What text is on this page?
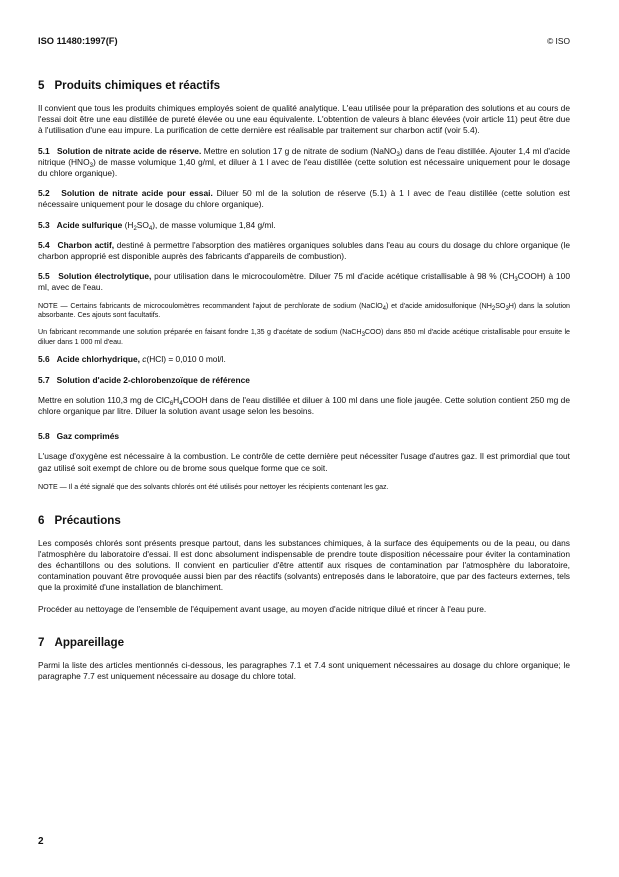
ISO 11480:1997(F)	© ISO
5 Produits chimiques et réactifs

Il convient que tous les produits chimiques employés soient de qualité analytique. L'eau utilisée pour la préparation des solutions et au cours de l'essai doit être une eau distillée de pureté élevée ou une eau équivalente. L'obtention de valeurs à blanc élevées (voir article 11) peut être due à l'utilisation d'une eau impure. La purification de cette dernière est réalisable par traitement sur charbon actif (voir 5.4).

5.1 Solution de nitrate acide de réserve. Mettre en solution 17 g de nitrate de sodium (NaNO$_3$) dans de l'eau distillée. Ajouter 1,4 ml d'acide nitrique $(HNO_3)$ de masse volumique 1,40 g/ml, et diluer à 1 l avec de l'eau distillée (cette solution est nécessaire uniquement pour le dosage du chlore organique).

5.2 Solution de nitrate acide pour essai. Diluer 50 ml de la solution de réserve (5.1) à 1 l avec de l'eau distillée (cette solution est nécessaire uniquement pour le dosage du chlore organique).

5.3 Acide sulfurique $(H_2SO_4)$, de masse volumique 1,84 g/ml.

5.4 Charbon actif, destiné à permettre l'absorption des matières organiques solubles dans l'eau au cours du dosage du chlore organique (le charbon approprié est disponible auprès des fabricants d'appareils de combustion).

5.5 Solution électrolytique, pour utilisation dans le microcoulomètre. Diluer 75 ml d'acide acétique cristallisable à 98 % $(CH_3COOH)$ à 100 ml, avec de l'eau.

NOTE — Certains fabricants de microcoulomètres recommandent l'ajout de perchlorate de sodium (NaClO$_4$) et d'acide amidosulfonique $(NH_2SO_3H)$ dans la solution absorbante. Ces ajouts sont facultatifs.

Un fabricant recommande une solution préparée en faisant fondre 1,35 g d'acétate de sodium (NaCH$_3$COO) dans 850 ml d'acide acétique cristallisable pour ensuite le diluer dans 1 000 ml d'eau.

5.6 Acide chlorhydrique, c(HCl) = 0,010 0 mol/l.

5.7 Solution d'acide 2-chlorobenzoïque de référence

Mettre en solution 110,3 mg de $ClC_6H_4COOH$ dans de l'eau distillée et diluer à 100 ml dans une fiole jaugée. Cette solution contient 250 mg de chlore organique par litre. Diluer la solution avant usage selon les besoins.

5.8 Gaz comprimés

L'usage d'oxygène est nécessaire à la combustion. Le contrôle de cette dernière peut nécessiter l'usage d'autres gaz. Il est primordial que tout gaz utilisé soit exempt de chlore ou de brome sous quelque forme que ce soit.

NOTE — Il a été signalé que des solvants chlorés ont été utilisés pour nettoyer les récipients contenant les gaz.

6 Précautions

Les composés chlorés sont présents presque partout, dans les substances chimiques, à la surface des équipements ou de la peau, ou dans l'atmosphère du laboratoire d'essai. Il est donc absolument indispensable de prendre toute disposition nécessaire pour éviter la contamination des échantillons ou des solutions. Il convient en particulier d'être attentif aux risques de contamination par l'atmosphère du laboratoire, contamination pouvant être provoquée aussi bien par des réactifs (solvants) entreposés dans le laboratoire, que par des facteurs externes, tels que la proximité d'une installation de blanchiment.

Procéder au nettoyage de l'ensemble de l'équipement avant usage, au moyen d'acide nitrique dilué et rincer à l'eau pure.

7 Appareillage

Parmi la liste des articles mentionnés ci-dessous, les paragraphes 7.1 et 7.4 sont uniquement nécessaires au dosage du chlore organique; le paragraphe 7.7 est uniquement nécessaire au dosage du chlore total.

2
